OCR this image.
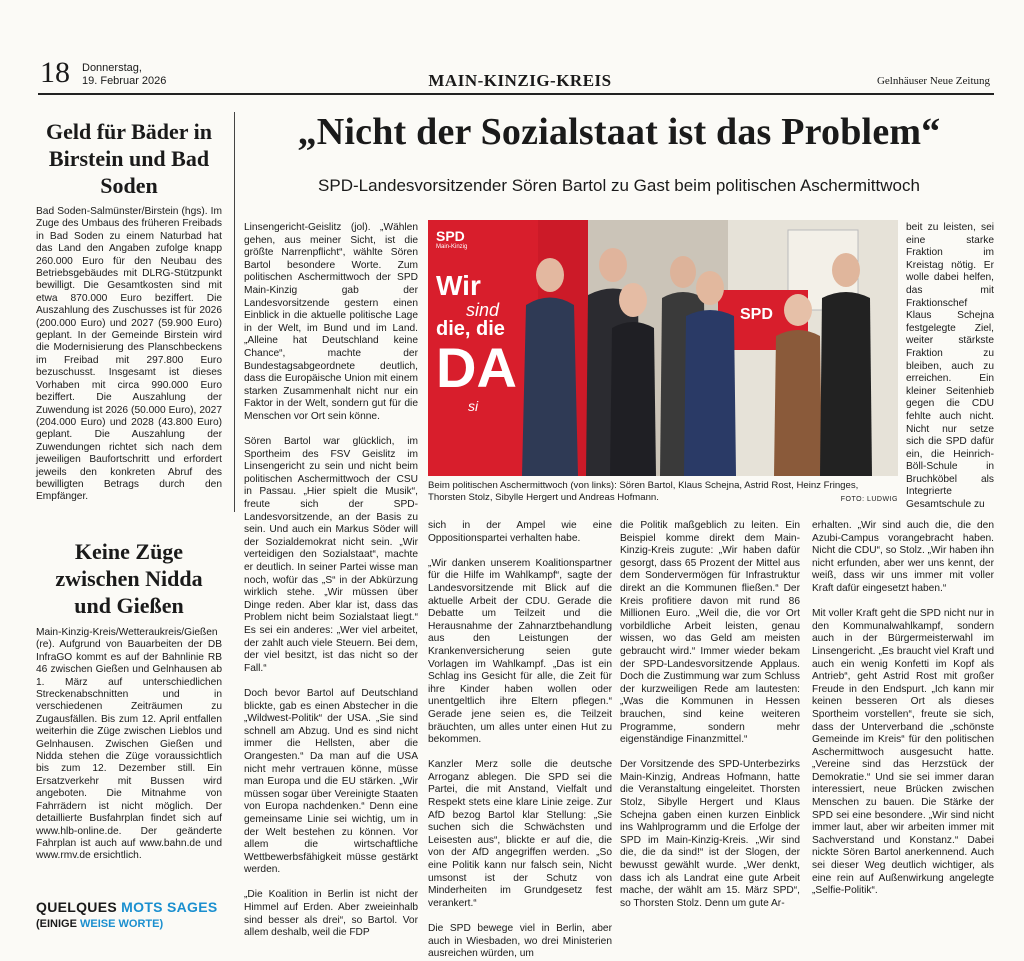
18 Donnerstag,
19. Februar 2026	MAIN-KINZIG-KREIS	Gelnhäuser Neue Zeitung
Geld für Bäder in Birstein und Bad Soden
Bad Soden-Salmünster/Birstein (hgs). Im Zuge des Umbaus des früheren Freibads in Bad Soden zu einem Naturbad hat das Land den Angaben zufolge knapp 260.000 Euro für den Neubau des Betriebsgebäudes mit DLRG-Stützpunkt bewilligt. Die Gesamtkosten sind mit etwa 870.000 Euro beziffert. Die Auszahlung des Zuschusses ist für 2026 (200.000 Euro) und 2027 (59.900 Euro) geplant. In der Gemeinde Birstein wird die Modernisierung des Planschbeckens im Freibad mit 297.800 Euro bezuschusst. Insgesamt ist dieses Vorhaben mit circa 990.000 Euro beziffert. Die Auszahlung der Zuwendung ist 2026 (50.000 Euro), 2027 (204.000 Euro) und 2028 (43.800 Euro) geplant. Die Auszahlung der Zuwendungen richtet sich nach dem jeweiligen Baufortschritt und erfordert jeweils den konkreten Abruf des bewilligten Betrags durch den Empfänger.
Keine Züge zwischen Nidda und Gießen
Main-Kinzig-Kreis/Wetteraukreis/Gießen (re). Aufgrund von Bauarbeiten der DB InfraGO kommt es auf der Bahnlinie RB 46 zwischen Gießen und Gelnhausen ab 1. März auf unterschiedlichen Streckenabschnitten und in verschiedenen Zeiträumen zu Zugausfällen. Bis zum 12. April entfallen weiterhin die Züge zwischen Lieblos und Gelnhausen. Zwischen Gießen und Nidda stehen die Züge voraussichtlich bis zum 12. Dezember still. Ein Ersatzverkehr mit Bussen wird angeboten. Die Mitnahme von Fahrrädern ist nicht möglich. Der detaillierte Busfahrplan findet sich auf www.hlb-online.de. Der geänderte Fahrplan ist auch auf www.bahn.de und www.rmv.de ersichtlich.
QUELQUES MOTS SAGES
(EINIGE WEISE WORTE)
„Nicht der Sozialstaat ist das Problem“
SPD-Landesvorsitzender Sören Bartol zu Gast beim politischen Aschermittwoch
Linsengericht-Geislitz (jol). „Wählen gehen, aus meiner Sicht, ist die größte Narrenpflicht“, wählte Sören Bartol besondere Worte. Zum politischen Aschermittwoch der SPD Main-Kinzig gab der Landesvorsitzende gestern einen Einblick in die aktuelle politische Lage in der Welt, im Bund und im Land. „Alleine hat Deutschland keine Chance“, machte der Bundestagsabgeordnete deutlich, dass die Europäische Union mit einem starken Zusammenhalt nicht nur ein Faktor in der Welt, sondern gut für die Menschen vor Ort sein könne.

Sören Bartol war glücklich, im Sportheim des FSV Geislitz im Linsengericht zu sein und nicht beim politischen Aschermittwoch der CSU in Passau. „Hier spielt die Musik“, freute sich der SPD-Landesvorsitzende, an der Basis zu sein. Und auch ein Markus Söder will der Sozialdemokrat nicht sein. „Wir verteidigen den Sozialstaat“, machte er deutlich. In seiner Partei wisse man noch, wofür das „S“ in der Abkürzung wirklich stehe. „Wir müssen über Dinge reden. Aber klar ist, dass das Problem nicht beim Sozialstaat liegt.“ Es sei ein anderes: „Wer viel arbeitet, der zahlt auch viele Steuern. Bei dem, der viel besitzt, ist das nicht so der Fall.“

Doch bevor Bartol auf Deutschland blickte, gab es einen Abstecher in die „Wildwest-Politik“ der USA. „Sie sind schnell am Abzug. Und es sind nicht immer die Hellsten, aber die Orangesten.“ Da man auf die USA nicht mehr vertrauen könne, müsse man Europa und die EU stärken. „Wir müssen sogar über Vereinigte Staaten von Europa nachdenken.“ Denn eine gemeinsame Linie sei wichtig, um in der Welt bestehen zu können. Vor allem die wirtschaftliche Wettbewerbsfähigkeit müsse gestärkt werden.

„Die Koalition in Berlin ist nicht der Himmel auf Erden. Aber zweieinhalb sind besser als drei“, so Bartol. Vor allem deshalb, weil die FDP
sich in der Ampel wie eine Oppositionspartei verhalten habe.

„Wir danken unserem Koalitionspartner für die Hilfe im Wahlkampf“, sagte der Landesvorsitzende mit Blick auf die aktuelle Arbeit der CDU. Gerade die Debatte um Teilzeit und die Herausnahme der Zahnarztbehandlung aus den Leistungen der Krankenversicherung seien gute Vorlagen im Wahlkampf. „Das ist ein Schlag ins Gesicht für alle, die Zeit für ihre Kinder haben wollen oder unentgeltlich ihre Eltern pflegen.“ Gerade jene seien es, die Teilzeit bräuchten, um alles unter einen Hut zu bekommen.

Kanzler Merz solle die deutsche Arroganz ablegen. Die SPD sei die Partei, die mit Anstand, Vielfalt und Respekt stets eine klare Linie zeige. Zur AfD bezog Bartol klar Stellung: „Sie suchen sich die Schwächsten und Leisesten aus“, blickte er auf die, die von der AfD angegriffen werden. „So eine Politik kann nur falsch sein, Nicht umsonst ist der Schutz von Minderheiten im Grundgesetz fest verankert.“

Die SPD bewege viel in Berlin, aber auch in Wiesbaden, wo drei Ministerien ausreichen würden, um
die Politik maßgeblich zu leiten. Ein Beispiel komme direkt dem Main-Kinzig-Kreis zugute: „Wir haben dafür gesorgt, dass 65 Prozent der Mittel aus dem Sondervermögen für Infrastruktur direkt an die Kommunen fließen.“ Der Kreis profitiere davon mit rund 86 Millionen Euro. „Weil die, die vor Ort vorbildliche Arbeit leisten, genau wissen, wo das Geld am meisten gebraucht wird.“ Immer wieder bekam der SPD-Landesvorsitzende Applaus. Doch die Zustimmung war zum Schluss der kurzweiligen Rede am lautesten: „Was die Kommunen in Hessen brauchen, sind keine weiteren Programme, sondern mehr eigenständige Finanzmittel.“

Der Vorsitzende des SPD-Unterbezirks Main-Kinzig, Andreas Hofmann, hatte die Veranstaltung eingeleitet. Thorsten Stolz, Sibylle Hergert und Klaus Schejna gaben einen kurzen Einblick ins Wahlprogramm und die Erfolge der SPD im Main-Kinzig-Kreis. „Wir sind die, die da sind!“ ist der Slogen, der bewusst gewählt wurde. „Wer denkt, dass ich als Landrat eine gute Arbeit mache, der wählt am 15. März SPD“, so Thorsten Stolz. Denn um gute Ar-
beit zu leisten, sei eine starke Fraktion im Kreistag nötig. Er wolle dabei helfen, das mit Fraktionschef Klaus Schejna festgelegte Ziel, weiter stärkste Fraktion zu bleiben, auch zu erreichen. Ein kleiner Seitenhieb gegen die CDU fehlte auch nicht. Nicht nur setze sich die SPD dafür ein, die Heinrich-Böll-Schule in Bruchköbel als Integrierte Gesamtschule zu
erhalten. „Wir sind auch die, die den Azubi-Campus vorangebracht haben. Nicht die CDU“, so Stolz. „Wir haben ihn nicht erfunden, aber wer uns kennt, der weiß, dass wir uns immer mit voller Kraft dafür eingesetzt haben.“

Mit voller Kraft geht die SPD nicht nur in den Kommunalwahlkampf, sondern auch in der Bürgermeisterwahl im Linsengericht. „Es braucht viel Kraft und auch ein wenig Konfetti im Kopf als Antrieb“, geht Astrid Rost mit großer Freude in den Endspurt. „Ich kann mir keinen besseren Ort als dieses Sportheim vorstellen“, freute sie sich, dass der Unterverband die „schönste Gemeinde im Kreis“ für den politischen Aschermittwoch ausgesucht hatte. „Vereine sind das Herzstück der Demokratie.“ Und sie sei immer daran interessiert, neue Brücken zwischen Menschen zu bauen. Die Stärke der SPD sei eine besondere. „Wir sind nicht immer laut, aber wir arbeiten immer mit Sachverstand und Konstanz.“ Dabei nickte Sören Bartol anerkennend. Auch sei dieser Weg deutlich wichtiger, als eine rein auf Außenwirkung angelegte „Selfie-Politik“.
SPD
Main-Kinzig
Wir
sind
die, die
DA
si
SPD
Beim politischen Aschermittwoch (von links): Sören Bartol, Klaus Schejna, Astrid Rost, Heinz Fringes, Thorsten Stolz, Sibylle Hergert und Andreas Hofmann.	FOTO: LUDWIG
